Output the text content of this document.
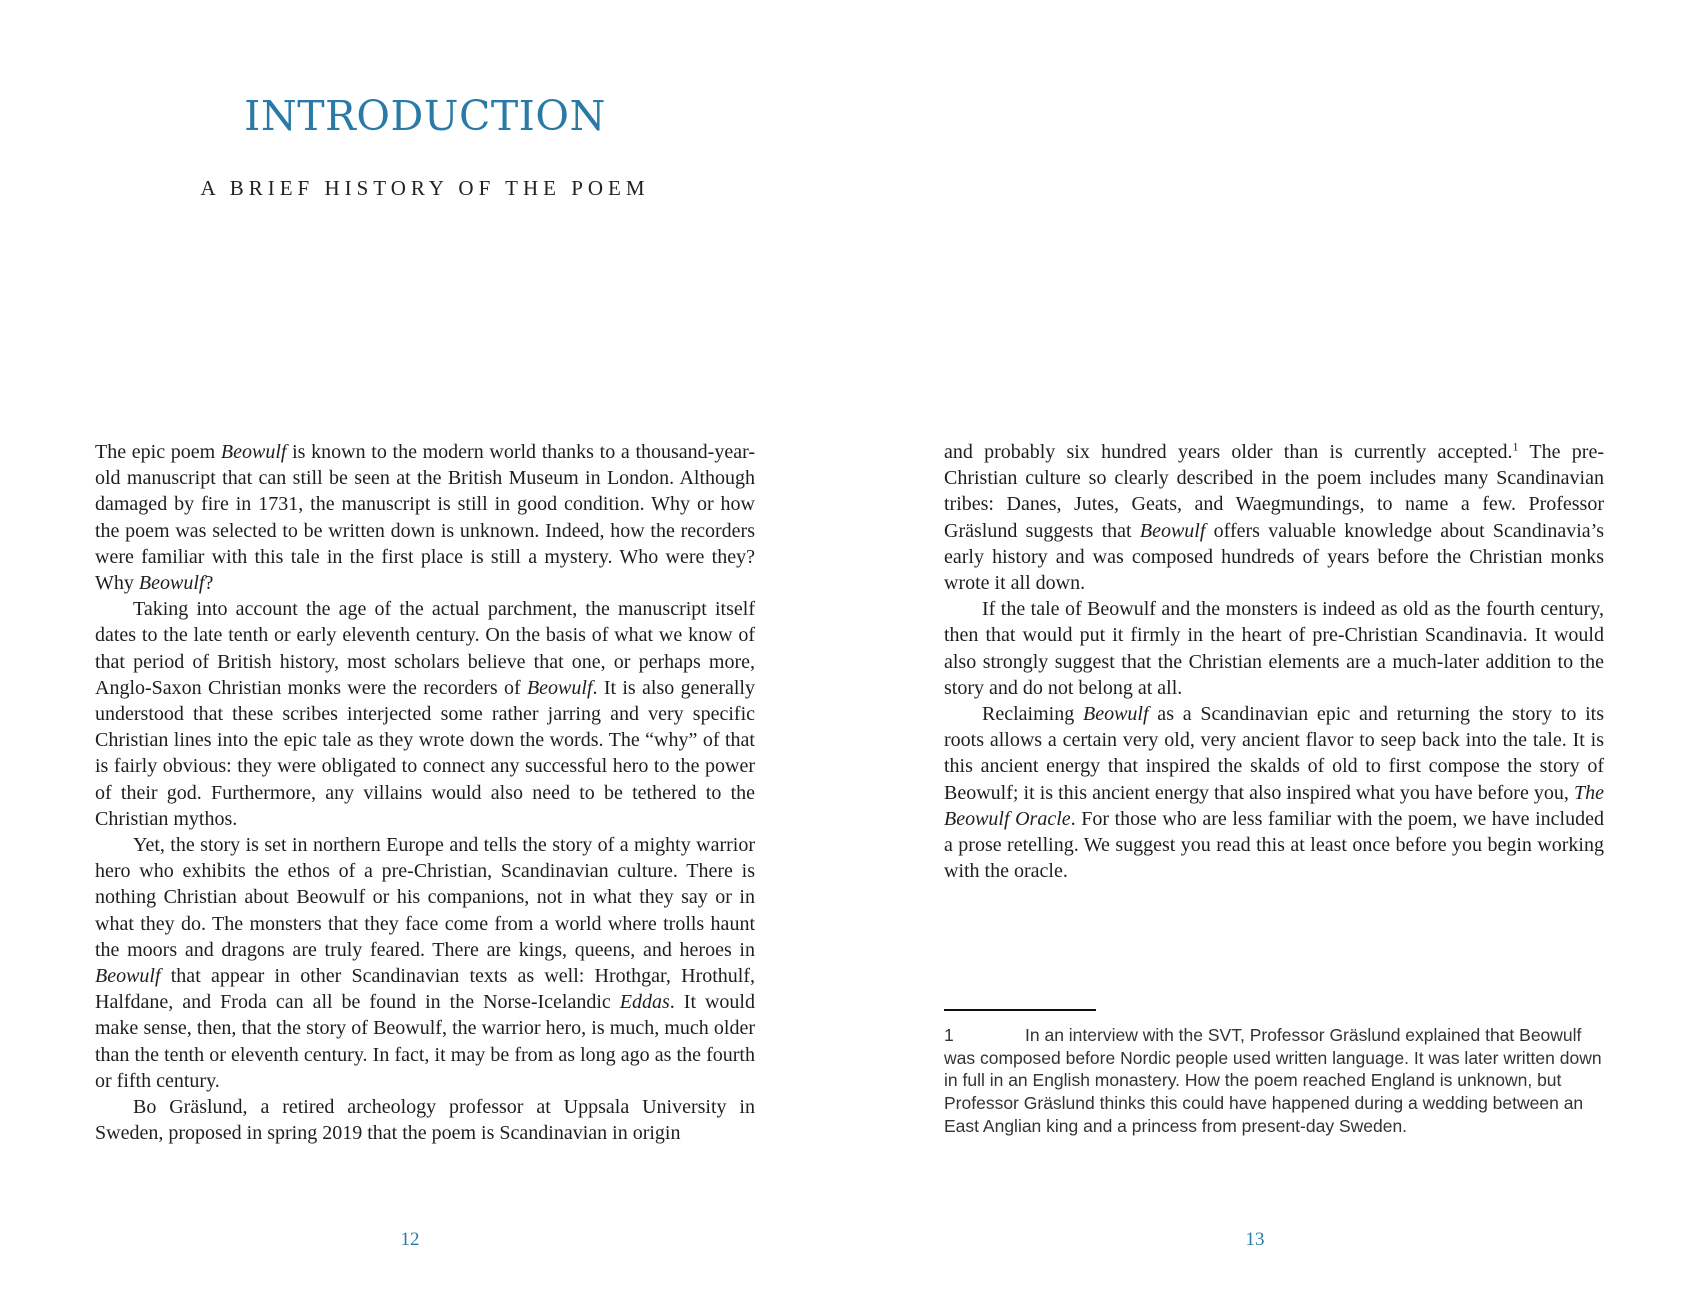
INTRODUCTION
A BRIEF HISTORY OF THE POEM

The epic poem Beowulf is known to the modern world thanks to a thousand-year-old manuscript that can still be seen at the British Museum in London. Although damaged by fire in 1731, the manuscript is still in good condition. Why or how the poem was selected to be written down is unknown. Indeed, how the recorders were familiar with this tale in the first place is still a mystery. Who were they? Why Beowulf?

Taking into account the age of the actual parchment, the manuscript itself dates to the late tenth or early eleventh century. On the basis of what we know of that period of British history, most scholars believe that one, or perhaps more, Anglo-Saxon Christian monks were the recorders of Beowulf. It is also generally understood that these scribes interjected some rather jarring and very specific Christian lines into the epic tale as they wrote down the words. The “why” of that is fairly obvious: they were obligated to connect any successful hero to the power of their god. Furthermore, any villains would also need to be tethered to the Christian mythos.

Yet, the story is set in northern Europe and tells the story of a mighty warrior hero who exhibits the ethos of a pre-Christian, Scandinavian culture. There is nothing Christian about Beowulf or his companions, not in what they say or in what they do. The monsters that they face come from a world where trolls haunt the moors and dragons are truly feared. There are kings, queens, and heroes in Beowulf that appear in other Scandinavian texts as well: Hrothgar, Hrothulf, Halfdane, and Froda can all be found in the Norse-Icelandic Eddas. It would make sense, then, that the story of Beowulf, the warrior hero, is much, much older than the tenth or eleventh century. In fact, it may be from as long ago as the fourth or fifth century.

Bo Gräslund, a retired archeology professor at Uppsala University in Sweden, proposed in spring 2019 that the poem is Scandinavian in origin

12

and probably six hundred years older than is currently accepted.$^1$ The pre-Christian culture so clearly described in the poem includes many Scandinavian tribes: Danes, Jutes, Geats, and Waegmundings, to name a few. Professor Gräslund suggests that Beowulf offers valuable knowledge about Scandinavia’s early history and was composed hundreds of years before the Christian monks wrote it all down.

If the tale of Beowulf and the monsters is indeed as old as the fourth century, then that would put it firmly in the heart of pre-Christian Scandinavia. It would also strongly suggest that the Christian elements are a much-later addition to the story and do not belong at all.

Reclaiming Beowulf as a Scandinavian epic and returning the story to its roots allows a certain very old, very ancient flavor to seep back into the tale. It is this ancient energy that inspired the skalds of old to first compose the story of Beowulf; it is this ancient energy that also inspired what you have before you, The Beowulf Oracle. For those who are less familiar with the poem, we have included a prose retelling. We suggest you read this at least once before you begin working with the oracle.

1	In an interview with the SVT, Professor Gräslund explained that Beowulf was composed before Nordic people used written language. It was later written down in full in an English monastery. How the poem reached England is unknown, but Professor Gräslund thinks this could have happened during a wedding between an East Anglian king and a princess from present-day Sweden.

13
